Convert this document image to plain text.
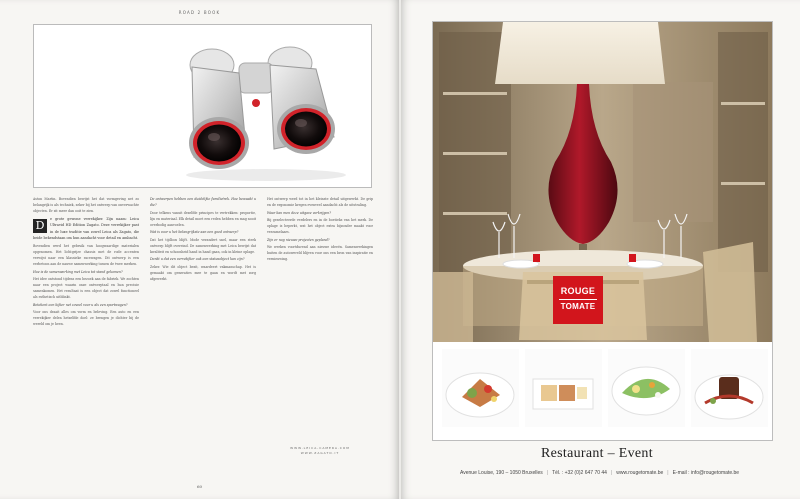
ROAD 2 BOOK

Aston Martin. Bovendien bewijst het dat vormgeving net zo belangrijk is als techniek, zeker bij het ontwerp van onverwachte objecten. Er zit meer dan ooit te zien.

D	e grote gewone verrekijker. Zijn naam: Leica Ultravid HD Edition Zagato. Deze verrekijker past in de luxe traditie van zowel Leica als Zagato, die beide bekendstaan om hun aandacht voor detail en ambacht.

Bovendien werd het gebruik van hoogwaardige materialen opgenomen. Het lichtgrijze chassis met de rode accenten verwijst naar een klassieke racewagen. Dit ontwerp is een eerbetoon aan de nauwe samenwerking tussen de twee merken.

Hoe is de samenwerking met Leica tot stand gekomen?

Het idee ontstond tijdens een bezoek aan de fabriek. We zochten naar een project waarin onze ontwerptaal en hun precisie samenkomen. Het resultaat is een object dat zowel functioneel als esthetisch uitblinkt.

Betekent een kijker net zoveel voor u als een sportwagen?

Voor ons draait alles om vorm en beleving. Een auto en een verrekijker delen hetzelfde doel: ze brengen je dichter bij de wereld om je heen.

De ontwerpen hebben een duidelijke familietrek. Hoe bewaakt u die?

Door telkens vanuit dezelfde principes te vertrekken: proportie, lijn en materiaal. Elk detail moet een reden hebben en mag nooit overbodig aanvoelen.

Wat is voor u het belangrijkste aan een goed ontwerp?

Dat het tijdloos blijft. Mode verandert snel, maar een sterk ontwerp blijft overeind. De samenwerking met Leica bewijst dat kwaliteit en schoonheid hand in hand gaan, ook in kleine oplage.

Denkt u dat een verrekijker ook een statusobject kan zijn?

Zeker. Wie dit object bezit, waardeert vakmanschap. Het is gemaakt om generaties mee te gaan en wordt met zorg afgewerkt.

Het ontwerp werd tot in het kleinste detail uitgewerkt. De grip en de ergonomie kregen evenveel aandacht als de uitstraling.

Waar kan men deze uitgave verkrijgen?

Bij geselecteerde verdelers en in de boetieks van het merk. De oplage is beperkt, wat het object extra bijzonder maakt voor verzamelaars.

Zijn er nog nieuwe projecten gepland?

We werken voortdurend aan nieuwe ideeën. Samenwerkingen buiten de autowereld blijven voor ons een bron van inspiratie en vernieuwing.

WWW.LEICA-CAMERA.COM
WWW.ZAGATO.IT
60
ROUGE
TOMATE
Restaurant – Event
Avenue Louise, 190 – 1050 Bruxelles | Tél. : +32 (0)2 647 70 44 | www.rougetomate.be | E-mail : info@rougetomate.be
